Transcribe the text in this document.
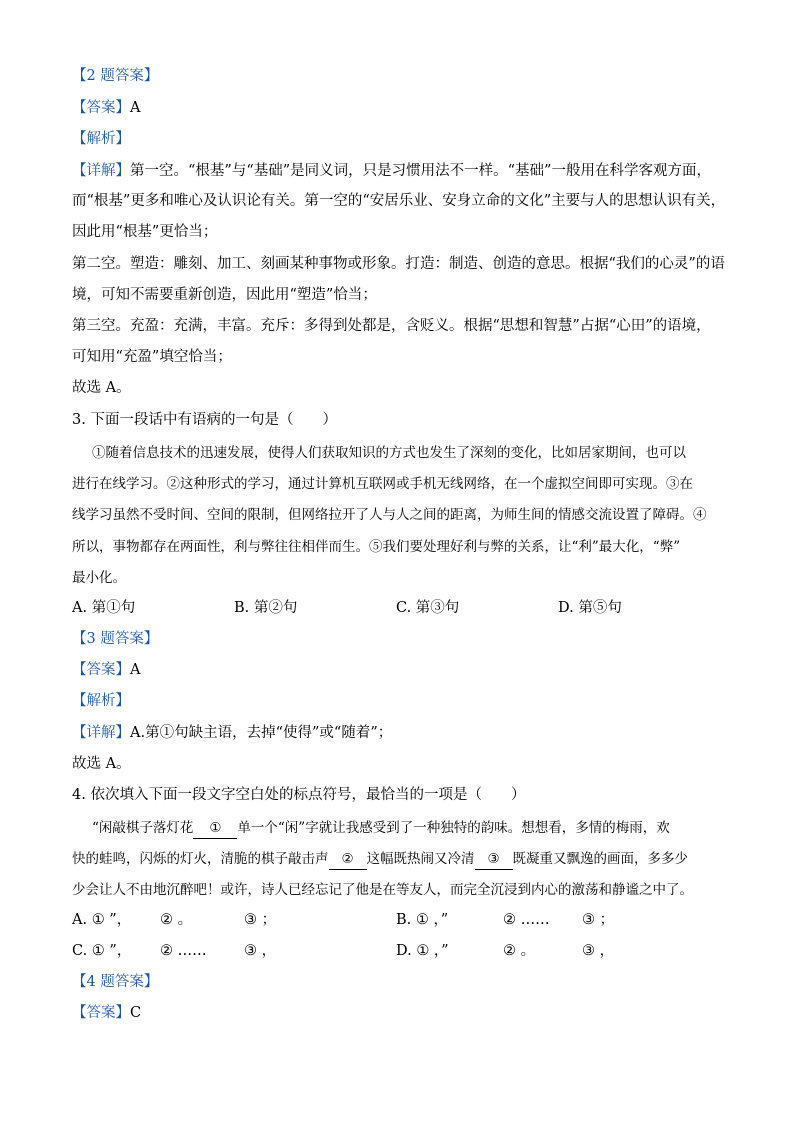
【2 题答案】
【答案】A
【解析】
【详解】第一空。“根基”与“基础”是同义词，只是习惯用法不一样。“基础”一般用在科学客观方面，
而“根基”更多和唯心及认识论有关。第一空的“安居乐业、安身立命的文化”主要与人的思想认识有关，
因此用“根基”更恰当；
第二空。塑造：雕刻、加工、刻画某种事物或形象。打造：制造、创造的意思。根据“我们的心灵”的语
境，可知不需要重新创造，因此用“塑造”恰当；
第三空。充盈：充满，丰富。充斥：多得到处都是，含贬义。根据“思想和智慧”占据“心田”的语境，
可知用“充盈”填空恰当；
故选 A。
3. 下面一段话中有语病的一句是（　　）
①随着信息技术的迅速发展，使得人们获取知识的方式也发生了深刻的变化，比如居家期间，也可以
进行在线学习。②这种形式的学习，通过计算机互联网或手机无线网络，在一个虚拟空间即可实现。③在
线学习虽然不受时间、空间的限制，但网络拉开了人与人之间的距离，为师生间的情感交流设置了障碍。④
所以，事物都存在两面性，利与弊往往相伴而生。⑤我们要处理好利与弊的关系，让“利”最大化，“弊”
最小化。
A. 第①句	B. 第②句	C. 第③句	D. 第⑤句
【3 题答案】
【答案】A
【解析】
【详解】A.第①句缺主语，去掉“使得”或“随着”；
故选 A。
4. 依次填入下面一段文字空白处的标点符号，最恰当的一项是（　　）
“闲敲棋子落灯花 ① 单一个“闲”字就让我感受到了一种独特的韵味。想想看，多情的梅雨，欢
快的蛙鸣，闪烁的灯火，清脆的棋子敲击声 ② 这幅既热闹又冷清 ③ 既凝重又飘逸的画面，多多少
少会让人不由地沉醉吧！或许，诗人已经忘记了他是在等友人，而完全沉浸到内心的激荡和静谧之中了。
A. ① ”， ② 。	③ ；	B. ① ，”	② …… ③ ；
C. ① ”， ② ……	③ ，	D. ① ，”	② 。	③ ，
【4 题答案】
【答案】C
